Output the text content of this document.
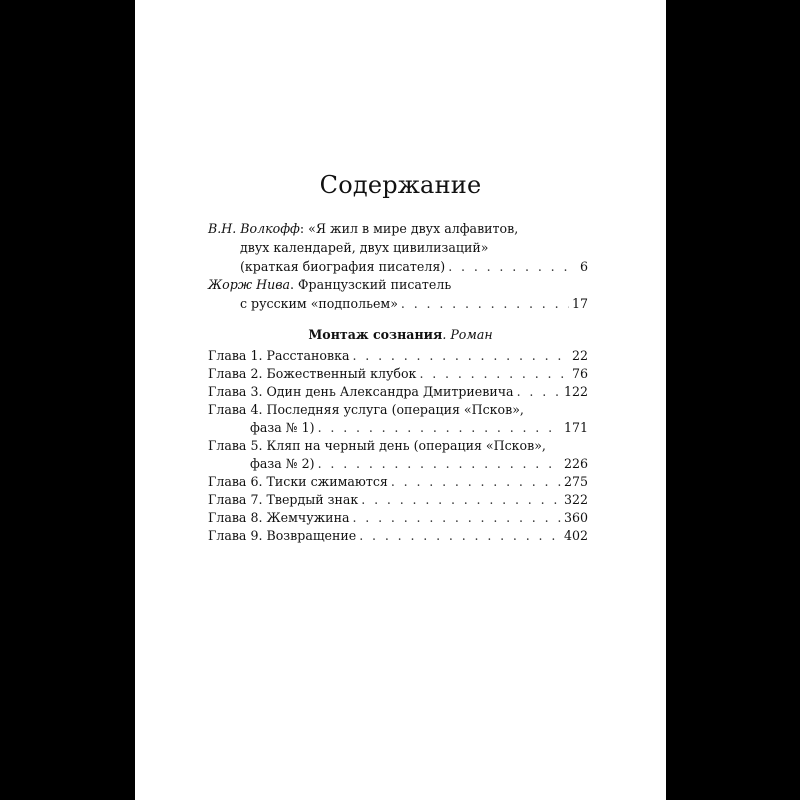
Содержание
В.Н. Волкофф: «Я жил в мире двух алфавитов,
двух календарей, двух цивилизаций»
(краткая биография писателя) . . .	6
Жорж Нива. Французский писатель
с русским «подпольем» . . .	17
Монтаж сознания. Роман
Глава 1. Расстановка . . .	22
Глава 2. Божественный клубок . . .	76
Глава 3. Один день Александра Дмитриевича . . .	122
Глава 4. Последняя услуга (операция «Псков»,
фаза № 1) . . .	171
Глава 5. Кляп на черный день (операция «Псков»,
фаза № 2) . . .	226
Глава 6. Тиски сжимаются . . .	275
Глава 7. Твердый знак . . .	322
Глава 8. Жемчужина . . .	360
Глава 9. Возвращение . . .	402
